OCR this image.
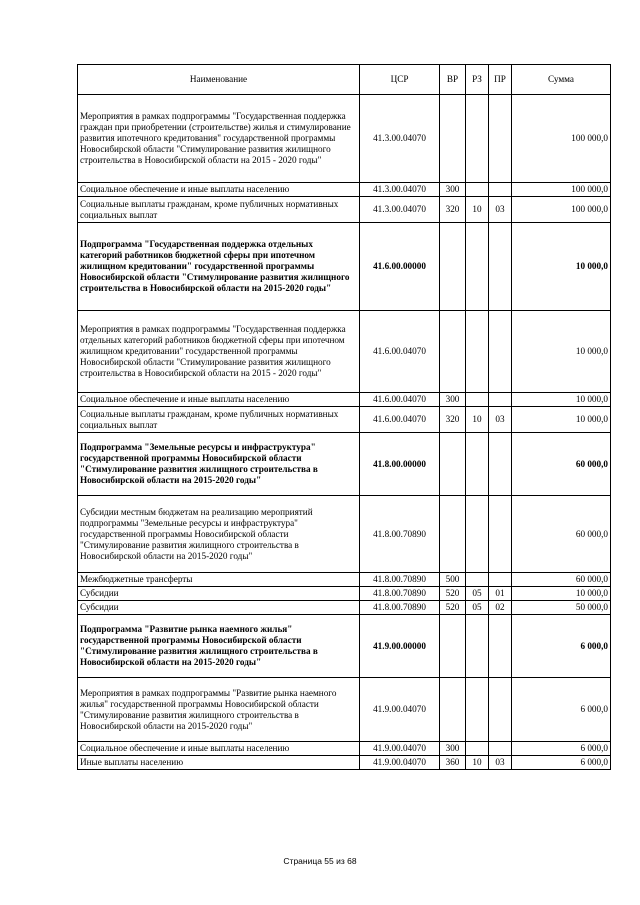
Наименование	ЦСР	ВР	РЗ	ПР	Сумма
Мероприятия в рамках подпрограммы "Государственная поддержка граждан при приобретении (строительстве) жилья и стимулирование развития ипотечного кредитования" государственной программы Новосибирской области "Стимулирование развития жилищного строительства в Новосибирской области на 2015 - 2020 годы"	41.3.00.04070				100 000,0
Социальное обеспечение и иные выплаты населению	41.3.00.04070	300			100 000,0
Социальные выплаты гражданам, кроме публичных нормативных социальных выплат	41.3.00.04070	320	10	03	100 000,0
Подпрограмма "Государственная поддержка отдельных категорий работников бюджетной сферы при ипотечном жилищном кредитовании" государственной программы Новосибирской области "Стимулирование развития жилищного строительства в Новосибирской области на 2015-2020 годы"	41.6.00.00000				10 000,0
Мероприятия в рамках подпрограммы "Государственная поддержка отдельных категорий работников бюджетной сферы при ипотечном жилищном кредитовании" государственной программы Новосибирской области "Стимулирование развития жилищного строительства в Новосибирской области на 2015 - 2020 годы"	41.6.00.04070				10 000,0
Социальное обеспечение и иные выплаты населению	41.6.00.04070	300			10 000,0
Социальные выплаты гражданам, кроме публичных нормативных социальных выплат	41.6.00.04070	320	10	03	10 000,0
Подпрограмма "Земельные ресурсы и инфраструктура" государственной программы Новосибирской области "Стимулирование развития жилищного строительства в Новосибирской области на 2015-2020 годы"	41.8.00.00000				60 000,0
Субсидии местным бюджетам на реализацию мероприятий подпрограммы "Земельные ресурсы и инфраструктура" государственной программы Новосибирской области "Стимулирование развития жилищного строительства в Новосибирской области на 2015-2020 годы"	41.8.00.70890				60 000,0
Межбюджетные трансферты	41.8.00.70890	500			60 000,0
Субсидии	41.8.00.70890	520	05	01	10 000,0
Субсидии	41.8.00.70890	520	05	02	50 000,0
Подпрограмма "Развитие рынка наемного жилья" государственной программы Новосибирской области "Стимулирование развития жилищного строительства в Новосибирской области на 2015-2020 годы"	41.9.00.00000				6 000,0
Мероприятия в рамках подпрограммы "Развитие рынка наемного жилья" государственной программы Новосибирской области "Стимулирование развития жилищного строительства в Новосибирской области на 2015-2020 годы"	41.9.00.04070				6 000,0
Социальное обеспечение и иные выплаты населению	41.9.00.04070	300			6 000,0
Иные выплаты населению	41.9.00.04070	360	10	03	6 000,0
Страница 55 из 68
